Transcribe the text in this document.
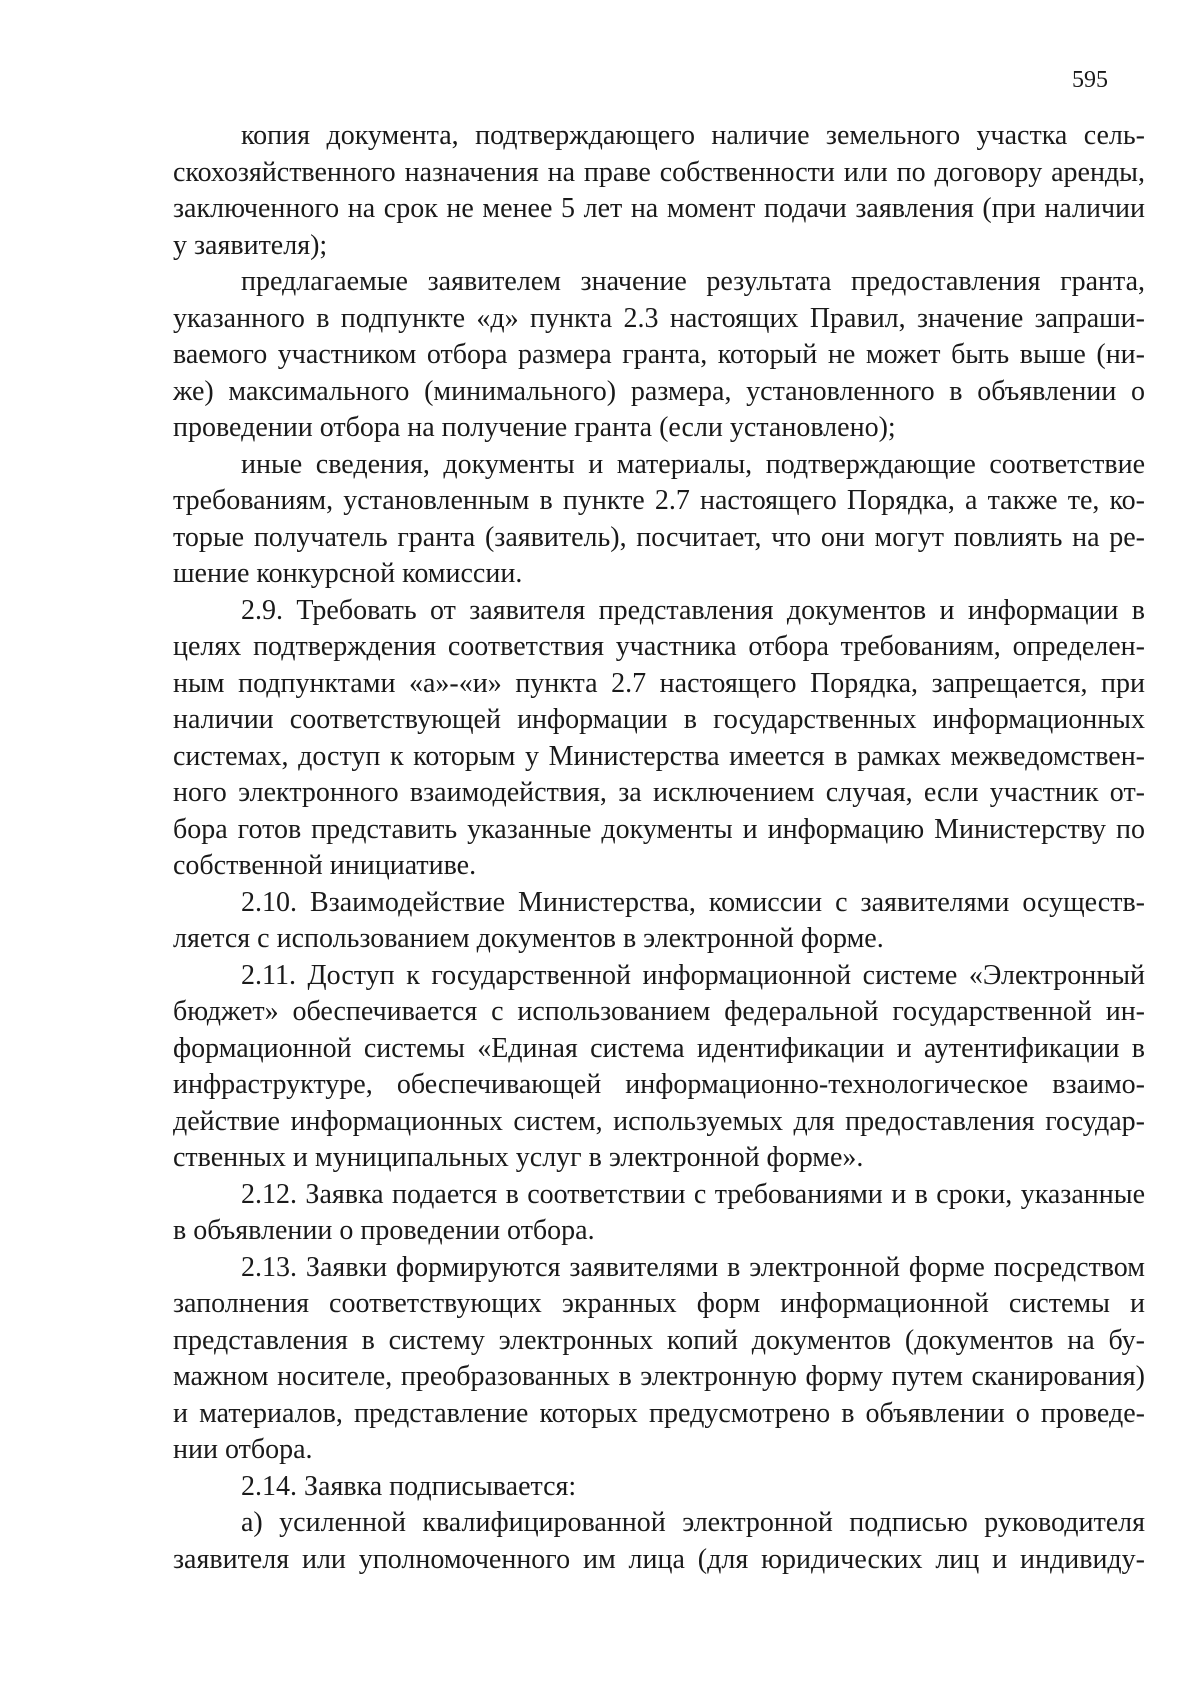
595
копия документа, подтверждающего наличие земельного участка сель-
скохозяйственного назначения на праве собственности или по договору аренды,
заключенного на срок не менее 5 лет на момент подачи заявления (при наличии
у заявителя);
предлагаемые заявителем значение результата предоставления гранта,
указанного в подпункте «д» пункта 2.3 настоящих Правил, значение запраши-
ваемого участником отбора размера гранта, который не может быть выше (ни-
же) максимального (минимального) размера, установленного в объявлении о
проведении отбора на получение гранта (если установлено);
иные сведения, документы и материалы, подтверждающие соответствие
требованиям, установленным в пункте 2.7 настоящего Порядка, а также те, ко-
торые получатель гранта (заявитель), посчитает, что они могут повлиять на ре-
шение конкурсной комиссии.
2.9. Требовать от заявителя представления документов и информации в
целях подтверждения соответствия участника отбора требованиям, определен-
ным подпунктами «а»-«и» пункта 2.7 настоящего Порядка, запрещается, при
наличии соответствующей информации в государственных информационных
системах, доступ к которым у Министерства имеется в рамках межведомствен-
ного электронного взаимодействия, за исключением случая, если участник от-
бора готов представить указанные документы и информацию Министерству по
собственной инициативе.
2.10. Взаимодействие Министерства, комиссии с заявителями осуществ-
ляется с использованием документов в электронной форме.
2.11. Доступ к государственной информационной системе «Электронный
бюджет» обеспечивается с использованием федеральной государственной ин-
формационной системы «Единая система идентификации и аутентификации в
инфраструктуре, обеспечивающей информационно-технологическое взаимо-
действие информационных систем, используемых для предоставления государ-
ственных и муниципальных услуг в электронной форме».
2.12. Заявка подается в соответствии с требованиями и в сроки, указанные
в объявлении о проведении отбора.
2.13. Заявки формируются заявителями в электронной форме посредством
заполнения соответствующих экранных форм информационной системы и
представления в систему электронных копий документов (документов на бу-
мажном носителе, преобразованных в электронную форму путем сканирования)
и материалов, представление которых предусмотрено в объявлении о проведе-
нии отбора.
2.14. Заявка подписывается:
а) усиленной квалифицированной электронной подписью руководителя
заявителя или уполномоченного им лица (для юридических лиц и индивиду-
